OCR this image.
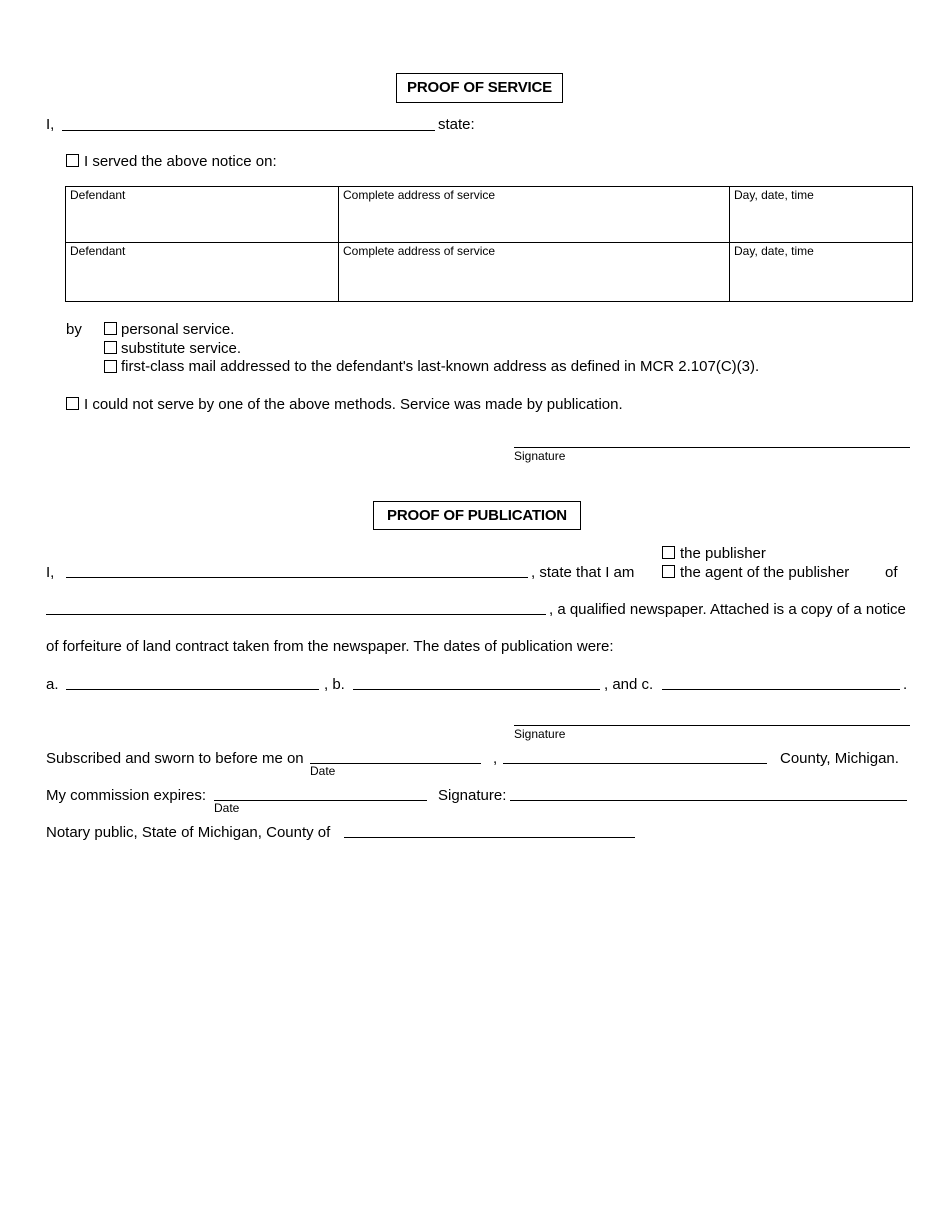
PROOF OF SERVICE
I,	state:
I served the above notice on:
Defendant	Complete address of service	Day, date, time

Defendant	Complete address of service	Day, date, time
by	personal service.
substitute service.
first-class mail addressed to the defendant's last-known address as defined in MCR 2.107(C)(3).
I could not serve by one of the above methods. Service was made by publication.
Signature
PROOF OF PUBLICATION
the publisher
I,	, state that I am	the agent of the publisher of
, a qualified newspaper. Attached is a copy of a notice
of forfeiture of land contract taken from the newspaper. The dates of publication were:
a.	, b.	, and c.	.
Signature
Subscribed and sworn to before me on
Date
,	County, Michigan.
My commission expires:
Date
Signature:
Notary public, State of Michigan, County of
